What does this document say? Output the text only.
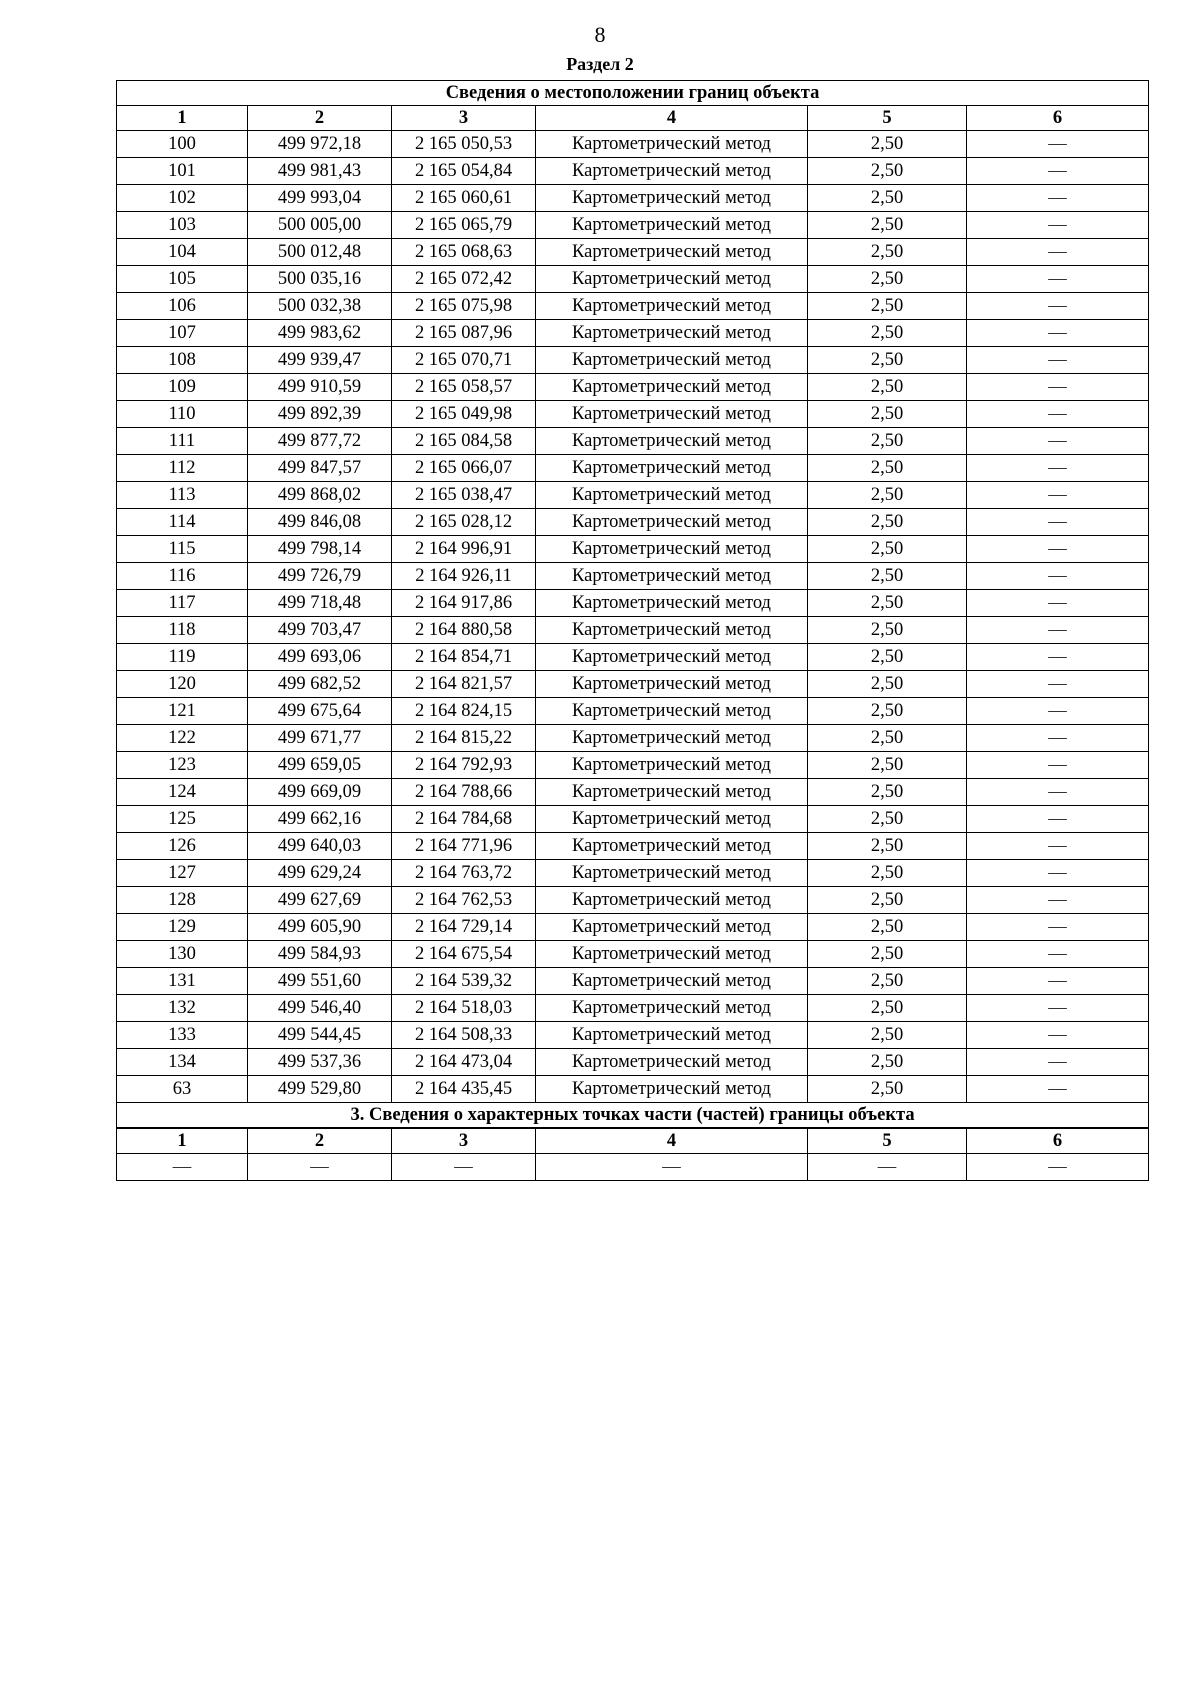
8
Раздел 2
Сведения о местоположении границ объекта					
1	2	3	4	5	6
100	499 972,18	2 165 050,53	Картометрический метод	2,50	—
101	499 981,43	2 165 054,84	Картометрический метод	2,50	—
102	499 993,04	2 165 060,61	Картометрический метод	2,50	—
103	500 005,00	2 165 065,79	Картометрический метод	2,50	—
104	500 012,48	2 165 068,63	Картометрический метод	2,50	—
105	500 035,16	2 165 072,42	Картометрический метод	2,50	—
106	500 032,38	2 165 075,98	Картометрический метод	2,50	—
107	499 983,62	2 165 087,96	Картометрический метод	2,50	—
108	499 939,47	2 165 070,71	Картометрический метод	2,50	—
109	499 910,59	2 165 058,57	Картометрический метод	2,50	—
110	499 892,39	2 165 049,98	Картометрический метод	2,50	—
111	499 877,72	2 165 084,58	Картометрический метод	2,50	—
112	499 847,57	2 165 066,07	Картометрический метод	2,50	—
113	499 868,02	2 165 038,47	Картометрический метод	2,50	—
114	499 846,08	2 165 028,12	Картометрический метод	2,50	—
115	499 798,14	2 164 996,91	Картометрический метод	2,50	—
116	499 726,79	2 164 926,11	Картометрический метод	2,50	—
117	499 718,48	2 164 917,86	Картометрический метод	2,50	—
118	499 703,47	2 164 880,58	Картометрический метод	2,50	—
119	499 693,06	2 164 854,71	Картометрический метод	2,50	—
120	499 682,52	2 164 821,57	Картометрический метод	2,50	—
121	499 675,64	2 164 824,15	Картометрический метод	2,50	—
122	499 671,77	2 164 815,22	Картометрический метод	2,50	—
123	499 659,05	2 164 792,93	Картометрический метод	2,50	—
124	499 669,09	2 164 788,66	Картометрический метод	2,50	—
125	499 662,16	2 164 784,68	Картометрический метод	2,50	—
126	499 640,03	2 164 771,96	Картометрический метод	2,50	—
127	499 629,24	2 164 763,72	Картометрический метод	2,50	—
128	499 627,69	2 164 762,53	Картометрический метод	2,50	—
129	499 605,90	2 164 729,14	Картометрический метод	2,50	—
130	499 584,93	2 164 675,54	Картометрический метод	2,50	—
131	499 551,60	2 164 539,32	Картометрический метод	2,50	—
132	499 546,40	2 164 518,03	Картометрический метод	2,50	—
133	499 544,45	2 164 508,33	Картометрический метод	2,50	—
134	499 537,36	2 164 473,04	Картометрический метод	2,50	—
63	499 529,80	2 164 435,45	Картометрический метод	2,50	—
3. Сведения о характерных точках части (частей) границы объекта					
1	2	3	4	5	6
—	—	—	—	—	—
